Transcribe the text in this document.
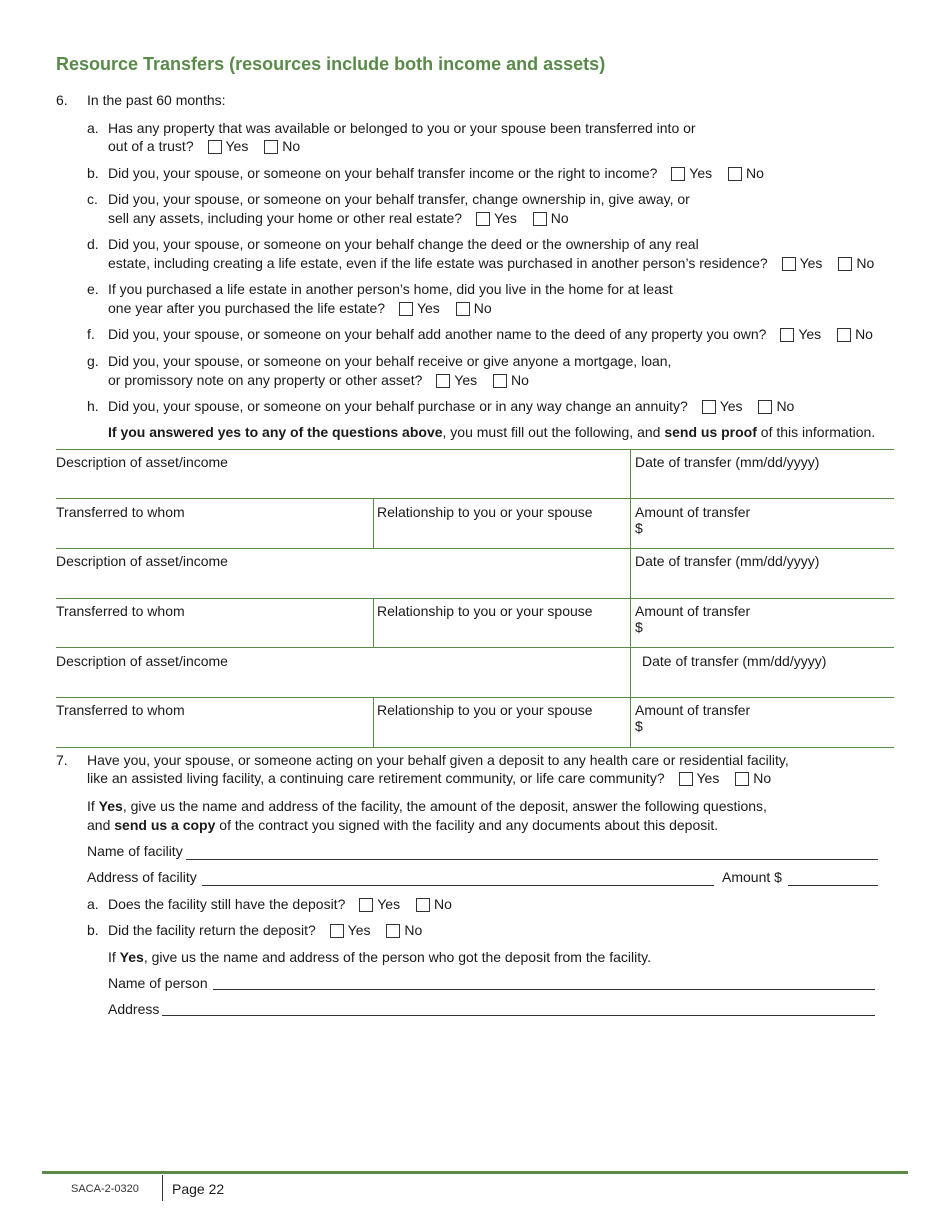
Resource Transfers (resources include both income and assets)
6. In the past 60 months:
a. Has any property that was available or belonged to you or your spouse been transferred into or
out of a trust? Yes No
b. Did you, your spouse, or someone on your behalf transfer income or the right to income? Yes No
c. Did you, your spouse, or someone on your behalf transfer, change ownership in, give away, or
sell any assets, including your home or other real estate? Yes No
d. Did you, your spouse, or someone on your behalf change the deed or the ownership of any real
estate, including creating a life estate, even if the life estate was purchased in another person’s residence? Yes No
e. If you purchased a life estate in another person’s home, did you live in the home for at least
one year after you purchased the life estate? Yes No
f. Did you, your spouse, or someone on your behalf add another name to the deed of any property you own? Yes No
g. Did you, your spouse, or someone on your behalf receive or give anyone a mortgage, loan,
or promissory note on any property or other asset? Yes No
h. Did you, your spouse, or someone on your behalf purchase or in any way change an annuity? Yes No
If you answered yes to any of the questions above, you must fill out the following, and send us proof of this information.
Description of asset/income	Date of transfer (mm/dd/yyyy)
Transferred to whom	Relationship to you or your spouse	Amount of transfer
$
Description of asset/income	Date of transfer (mm/dd/yyyy)
Transferred to whom	Relationship to you or your spouse	Amount of transfer
$
Description of asset/income	Date of transfer (mm/dd/yyyy)
Transferred to whom	Relationship to you or your spouse	Amount of transfer
$
7. Have you, your spouse, or someone acting on your behalf given a deposit to any health care or residential facility,
like an assisted living facility, a continuing care retirement community, or life care community? Yes No
If Yes, give us the name and address of the facility, the amount of the deposit, answer the following questions,
and send us a copy of the contract you signed with the facility and any documents about this deposit.
Name of facility
Address of facility	Amount $
a. Does the facility still have the deposit? Yes No
b. Did the facility return the deposit? Yes No
If Yes, give us the name and address of the person who got the deposit from the facility.
Name of person
Address
SACA-2-0320 Page 22
